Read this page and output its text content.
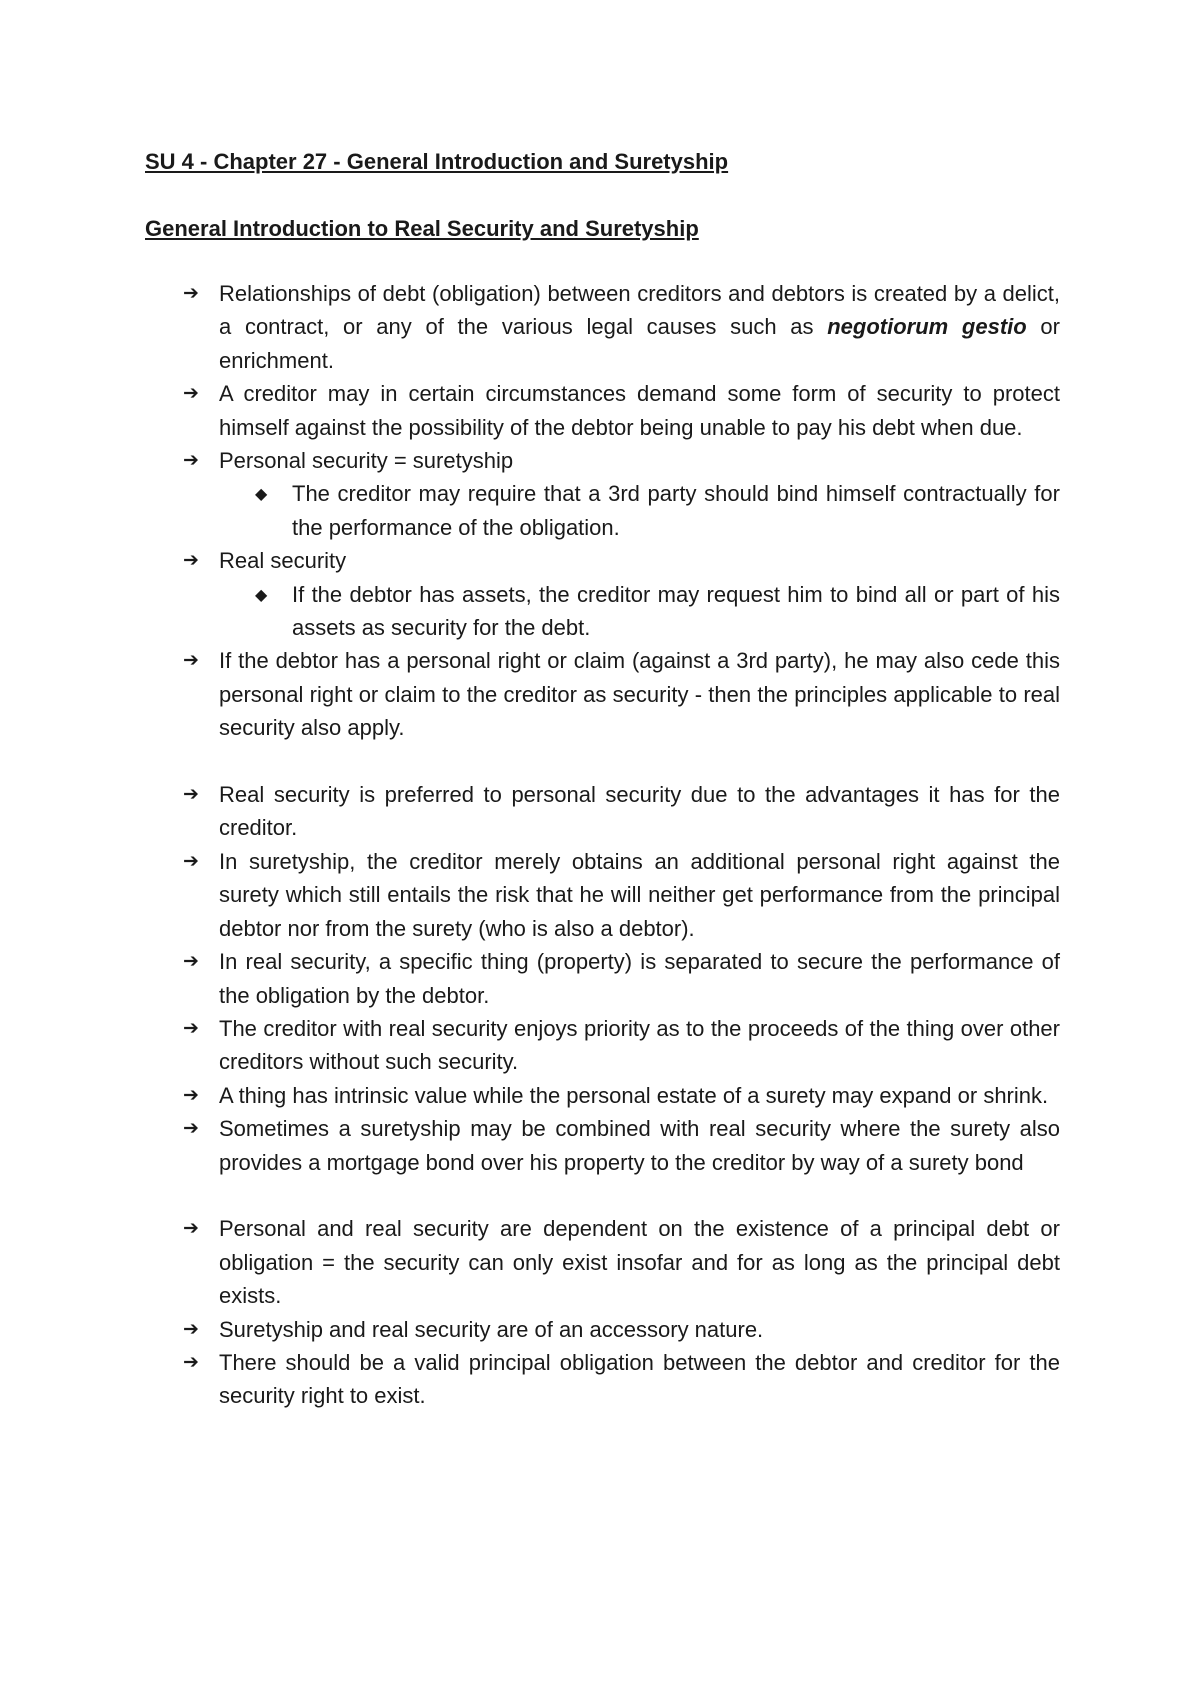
SU 4 - Chapter 27 - General Introduction and Suretyship
General Introduction to Real Security and Suretyship
➔ Relationships of debt (obligation) between creditors and debtors is created by a delict, a contract, or any of the various legal causes such as negotiorum gestio or enrichment.
➔ A creditor may in certain circumstances demand some form of security to protect himself against the possibility of the debtor being unable to pay his debt when due.
➔ Personal security = suretyship
◆ The creditor may require that a 3rd party should bind himself contractually for the performance of the obligation.
➔ Real security
◆ If the debtor has assets, the creditor may request him to bind all or part of his assets as security for the debt.
➔ If the debtor has a personal right or claim (against a 3rd party), he may also cede this personal right or claim to the creditor as security - then the principles applicable to real security also apply.
➔ Real security is preferred to personal security due to the advantages it has for the creditor.
➔ In suretyship, the creditor merely obtains an additional personal right against the surety which still entails the risk that he will neither get performance from the principal debtor nor from the surety (who is also a debtor).
➔ In real security, a specific thing (property) is separated to secure the performance of the obligation by the debtor.
➔ The creditor with real security enjoys priority as to the proceeds of the thing over other creditors without such security.
➔ A thing has intrinsic value while the personal estate of a surety may expand or shrink.
➔ Sometimes a suretyship may be combined with real security where the surety also provides a mortgage bond over his property to the creditor by way of a surety bond
➔ Personal and real security are dependent on the existence of a principal debt or obligation = the security can only exist insofar and for as long as the principal debt exists.
➔ Suretyship and real security are of an accessory nature.
➔ There should be a valid principal obligation between the debtor and creditor for the security right to exist.
